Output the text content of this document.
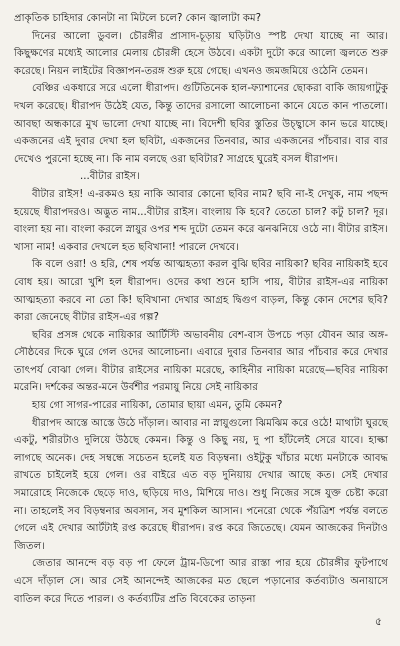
প্রাকৃতিক চাহিদার কোনটা না মিটলে চলে? কোন জ্বালাটা কম?

দিনের আলো ডুবল। চৌরঙ্গীর প্রাসাদ-চূড়ায় ঘড়িটাও স্পষ্ট দেখা যাচ্ছে না আর। কিছুক্ষণের মধ্যেই আলোর মেলায় চৌরঙ্গী হেসে উঠবে। একটা দুটো করে আলো জ্বলতে শুরু করেছে। নিয়ন লাইটের বিজ্ঞাপন-তরঙ্গ শুরু হয়ে গেছে। এখনও জমজমিয়ে ওঠেনি তেমন।

বেঞ্চির একধারে সরে এলো ধীরাপদ। গুটিতিনেক হাল-ফ্যাশানের ছোকরা বাকি জায়গাটুকু দখল করেছে। ধীরাপদ উঠেই যেত, কিন্তু তাদের রসালো আলোচনা কানে যেতে কান পাতলো। আবছা অন্ধকারে মুখ ভালো দেখা যাচ্ছে না। বিদেশী ছবির স্তুতির উচ্ছ্বাসে কান ভরে যাচ্ছে। একজনের এই দুবার দেখা হল ছবিটা, একজনের তিনবার, আর একজনের পাঁচবার। বার বার দেখেও পুরনো হচ্ছে না। কি নাম বলছে ওরা ছবিটার? সাগ্রহে ঘুরেই বসল ধীরাপদ।

...বীটার রাইস।

বীটার রাইস! এ-রকমও হয় নাকি আবার কোনো ছবির নাম? ছবি না-ই দেখুক, নাম পছন্দ হয়েছে ধীরাপদরও। অদ্ভুত নাম...বীটার রাইস। বাংলায় কি হবে? তেতো চাল? কটু চাল? দূর। বাংলা হয় না। বাংলা করলে স্নায়ুর ওপর শব্দ দুটো তেমন করে ঝনঝনিয়ে ওঠে না। বীটার রাইস। খাসা নাম! একবার দেখলে হত ছবিখানা! পারলে দেখবে।

কি বলে ওরা! ও হরি, শেষ পর্যন্ত আত্মহত্যা করল বুঝি ছবির নায়িকা? ছবির নায়িকাই হবে বোধ হয়। আরো খুশি হল ধীরাপদ। ওদের কথা শুনে হাসি পায়, বীটার রাইস-এর নায়িকা আত্মহত্যা করবে না তো কি! ছবিখানা দেখার আগ্রহ দ্বিগুণ বাড়ল, কিন্তু কোন দেশের ছবি? কারা জেনেছে বীটার রাইস-এর গল্প?

ছবির প্রসঙ্গ থেকে নায়িকার আর্টিস্টি অভাবনীয় বেশ-বাস উপচে পড়া যৌবন আর অঙ্গ-সৌষ্ঠবের দিকে ঘুরে গেল ওদের আলোচনা। এবারে দুবার তিনবার আর পাঁচবার করে দেখার তাৎপর্য বোঝা গেল। বীটার রাইসের নায়িকা মরেছে, কাহিনীর নায়িকা মরেছে—ছবির নায়িকা মরেনি। দর্শকের অন্তর-মনে উর্বশীর পরমায়ু নিয়ে সেই নায়িকার

হায় গো সাগর-পারের নায়িকা, তোমার ছায়া এমন, তুমি কেমন?

ধীরাপদ আস্তে আস্তে উঠে দাঁড়াল। আবার না স্নায়ুগুলো ঝিমঝিম করে ওঠে! মাথাটা ঘুরছে একটু, শরীরটাও দুলিয়ে উঠছে কেমন। কিন্তু ও কিছু নয়, দু পা হাঁটলেই সেরে যাবে। হাল্কা লাগছে অনেক। দেহ সম্বন্ধে সচেতন হলেই যত বিড়ম্বনা। ওইটুকু খাঁচার মধ্যে মনটাকে আবদ্ধ রাখতে চাইলেই হয়ে গেল। ওর বাইরে এত বড় দুনিয়ায় দেখার আছে কত। সেই দেখার সমারোহে নিজেকে ছেড়ে দাও, ছড়িয়ে দাও, মিশিয়ে দাও। শুধু নিজের সঙ্গে যুক্ত চেষ্টা করো না। তাহলেই সব বিড়ম্বনার অবসান, সব মুশকিল আসান। পনেরো থেকে পঁয়ত্রিশ পর্যন্ত বলতে গেলে এই দেখার আর্টটাই রপ্ত করেছে ধীরাপদ। রপ্ত করে জিতেছে। যেমন আজকের দিনটাও জিতল।

জেতার আনন্দে বড় বড় পা ফেলে ট্রাম-ডিপো আর রাস্তা পার হয়ে চৌরঙ্গীর ফুটপাথে এসে দাঁড়াল সে। আর সেই আনন্দেই আজকের মত ছেলে পড়ানোর কর্তব্যটাও অনায়াসে বাতিল করে দিতে পারল। ও কর্তব্যটির প্রতি বিবেকের তাড়না

৫
